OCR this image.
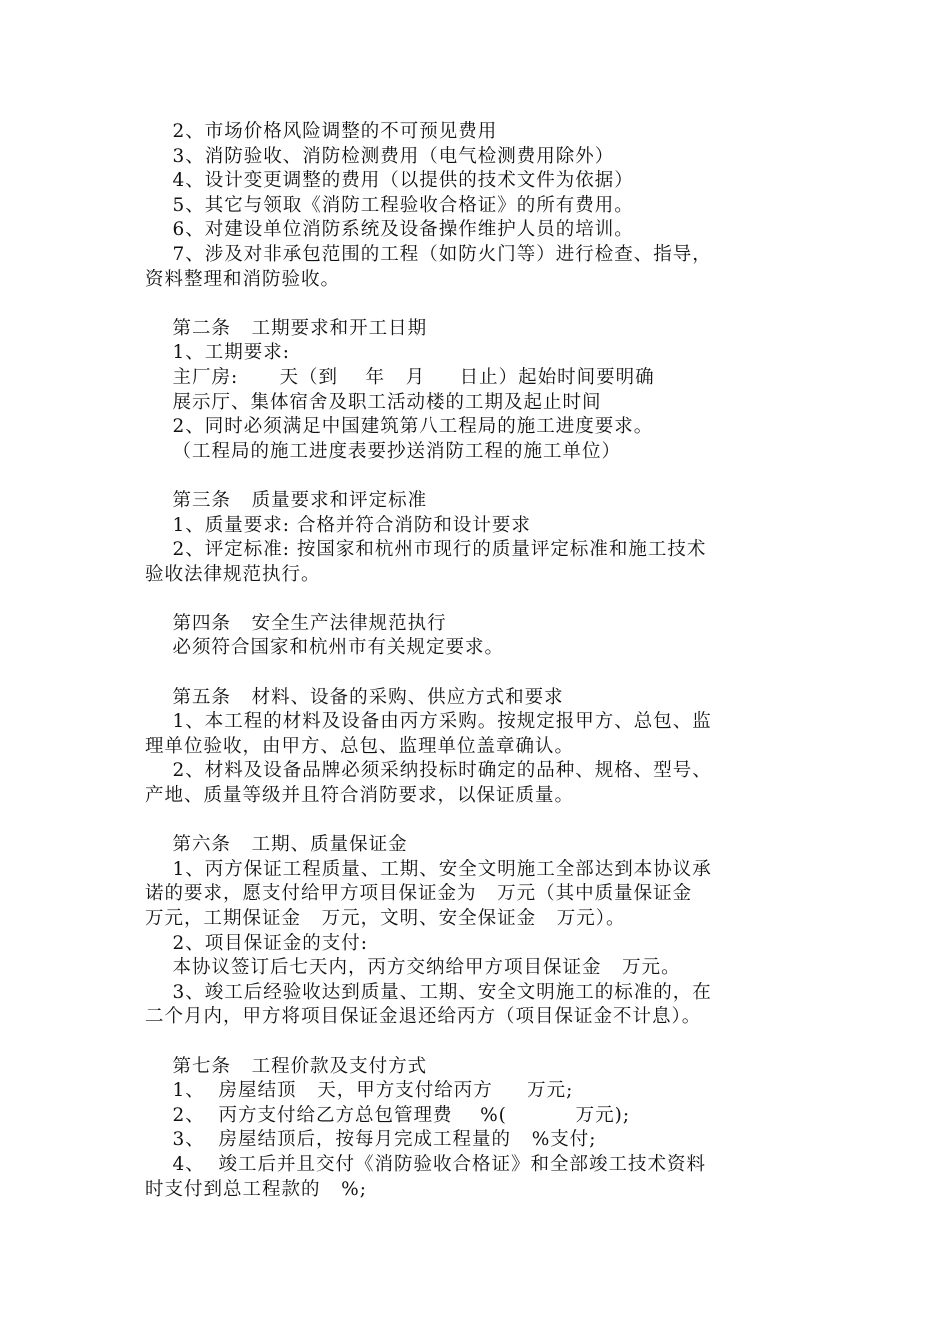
2、市场价格风险调整的不可预见费用
3、消防验收、消防检测费用（电气检测费用除外）
4、设计变更调整的费用（以提供的技术文件为依据）
5、其它与领取《消防工程验收合格证》的所有费用。
6、对建设单位消防系统及设备操作维护人员的培训。
7、涉及对非承包范围的工程（如防火门等）进行检查、指导，
资料整理和消防验收。
第二条   工期要求和开工日期
1、工期要求:
主厂房:      天（到    年   月     日止）起始时间要明确
展示厅、集体宿舍及职工活动楼的工期及起止时间
2、同时必须满足中国建筑第八工程局的施工进度要求。
（工程局的施工进度表要抄送消防工程的施工单位）
第三条   质量要求和评定标准
1、质量要求: 合格并符合消防和设计要求
2、评定标准: 按国家和杭州市现行的质量评定标准和施工技术
验收法律规范执行。
第四条   安全生产法律规范执行
必须符合国家和杭州市有关规定要求。
第五条   材料、设备的采购、供应方式和要求
1、本工程的材料及设备由丙方采购。按规定报甲方、总包、监
理单位验收，由甲方、总包、监理单位盖章确认。
2、材料及设备品牌必须采纳投标时确定的品种、规格、型号、
产地、质量等级并且符合消防要求，以保证质量。
第六条   工期、质量保证金
1、丙方保证工程质量、工期、安全文明施工全部达到本协议承
诺的要求，愿支付给甲方项目保证金为   万元（其中质量保证金
万元，工期保证金   万元，文明、安全保证金   万元）。
2、项目保证金的支付:
本协议签订后七天内，丙方交纳给甲方项目保证金   万元。
3、竣工后经验收达到质量、工期、安全文明施工的标准的，在
二个月内，甲方将项目保证金退还给丙方（项目保证金不计息）。
第七条   工程价款及支付方式
1、  房屋结顶   天，甲方支付给丙方     万元;
2、  丙方支付给乙方总包管理费    %(          万元);
3、  房屋结顶后，按每月完成工程量的   %支付;
4、  竣工后并且交付《消防验收合格证》和全部竣工技术资料
时支付到总工程款的   %;
